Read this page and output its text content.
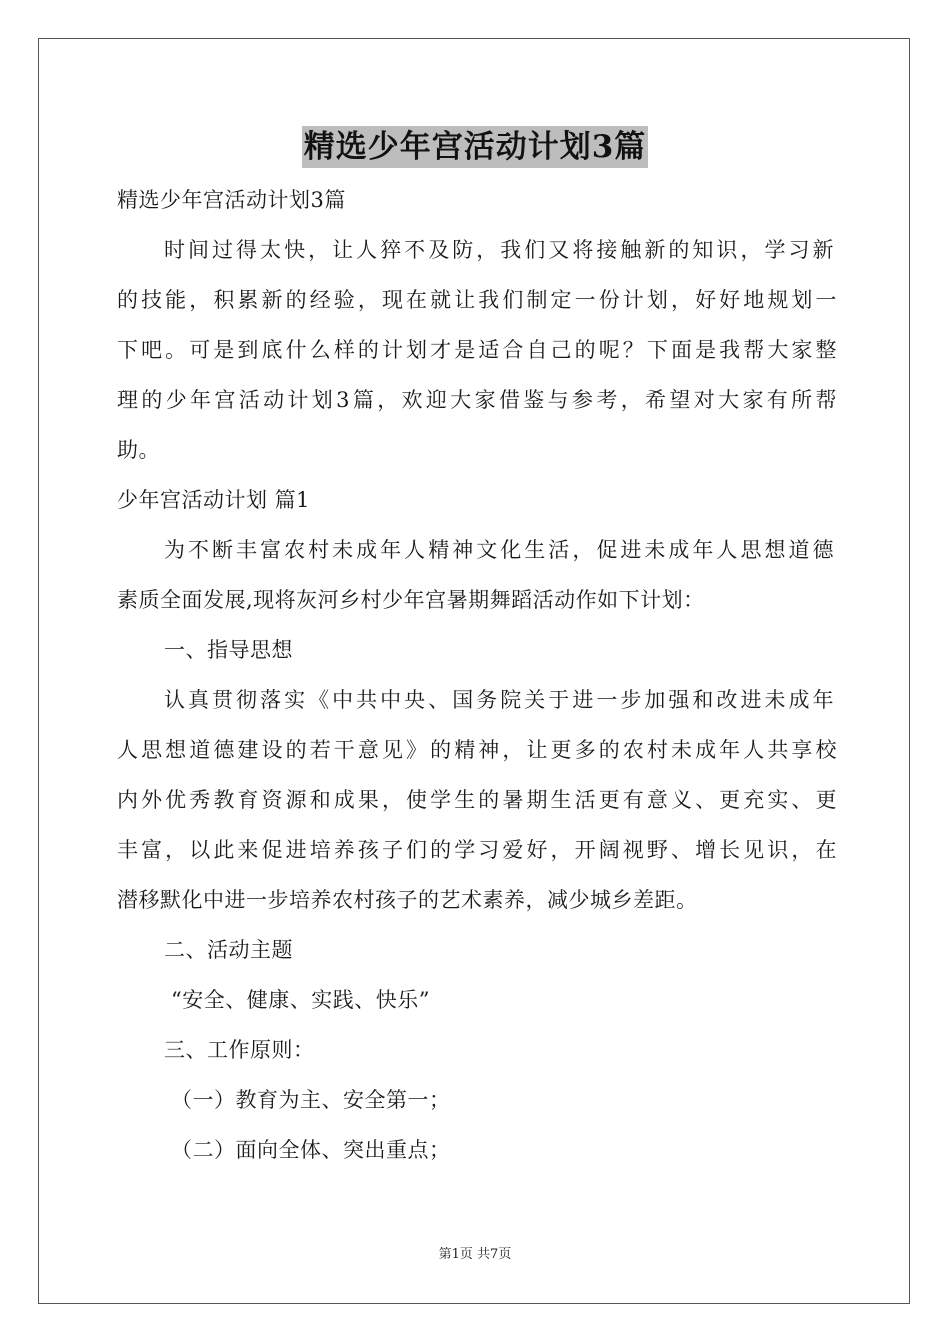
精选少年宫活动计划3篇
精选少年宫活动计划3篇
时间过得太快，让人猝不及防，我们又将接触新的知识，学习新
的技能，积累新的经验，现在就让我们制定一份计划，好好地规划一
下吧。可是到底什么样的计划才是适合自己的呢？下面是我帮大家整
理的少年宫活动计划3篇，欢迎大家借鉴与参考，希望对大家有所帮
助。
少年宫活动计划 篇1
为不断丰富农村未成年人精神文化生活，促进未成年人思想道德
素质全面发展,现将灰河乡村少年宫暑期舞蹈活动作如下计划：
一、指导思想
认真贯彻落实《中共中央、国务院关于进一步加强和改进未成年
人思想道德建设的若干意见》的精神，让更多的农村未成年人共享校
内外优秀教育资源和成果，使学生的暑期生活更有意义、更充实、更
丰富，以此来促进培养孩子们的学习爱好，开阔视野、增长见识，在
潜移默化中进一步培养农村孩子的艺术素养，减少城乡差距。
二、活动主题
“安全、健康、实践、快乐”
三、工作原则：
（一）教育为主、安全第一；
（二）面向全体、突出重点；
第1页 共7页
